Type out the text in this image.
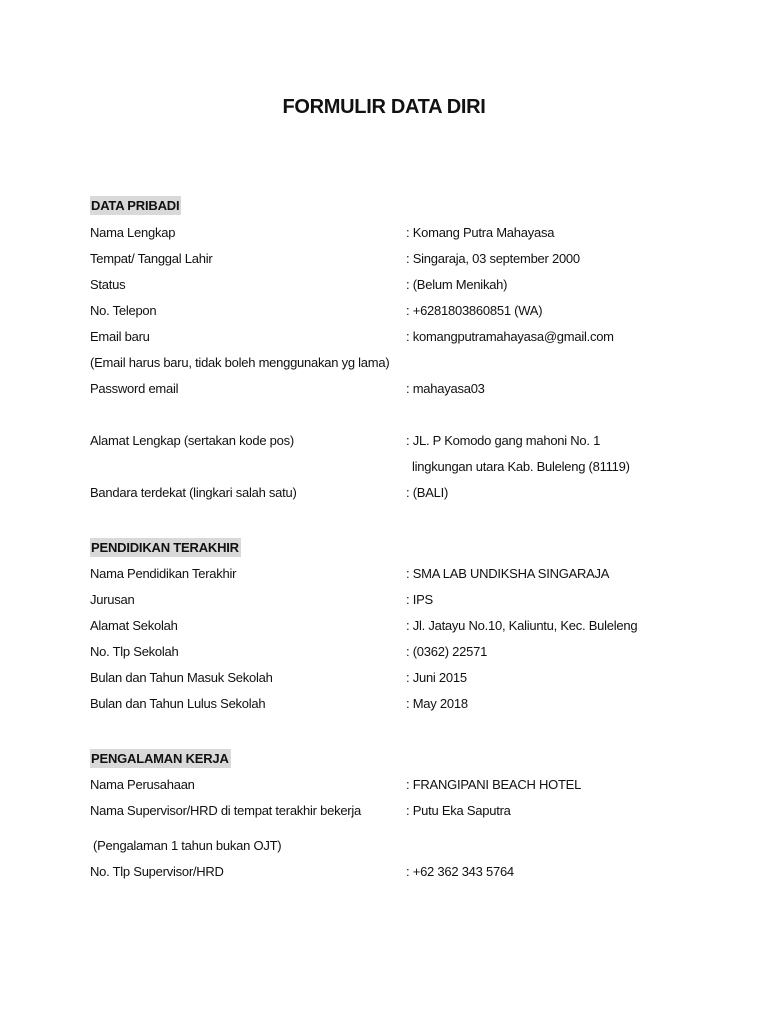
FORMULIR DATA DIRI
DATA PRIBADI
Nama Lengkap	: Komang Putra Mahayasa
Tempat/ Tanggal Lahir	: Singaraja, 03 september 2000
Status	: (Belum Menikah)
No. Telepon	: +6281803860851 (WA)
Email baru	: komangputramahayasa@gmail.com
(Email harus baru, tidak boleh menggunakan yg lama)
Password email	: mahayasa03
Alamat Lengkap (sertakan kode pos)	: JL. P Komodo gang mahoni No. 1
lingkungan utara Kab. Buleleng (81119)
Bandara terdekat (lingkari salah satu)	: (BALI)
PENDIDIKAN TERAKHIR
Nama Pendidikan Terakhir	: SMA LAB UNDIKSHA SINGARAJA
Jurusan	: IPS
Alamat Sekolah	: Jl. Jatayu No.10, Kaliuntu, Kec. Buleleng
No. Tlp Sekolah	: (0362) 22571
Bulan dan Tahun Masuk Sekolah	: Juni 2015
Bulan dan Tahun Lulus Sekolah	: May 2018
PENGALAMAN KERJA
Nama Perusahaan	: FRANGIPANI BEACH HOTEL
Nama Supervisor/HRD di tempat terakhir bekerja	: Putu Eka Saputra
(Pengalaman 1 tahun bukan OJT)
No. Tlp Supervisor/HRD	: +62 362 343 5764
